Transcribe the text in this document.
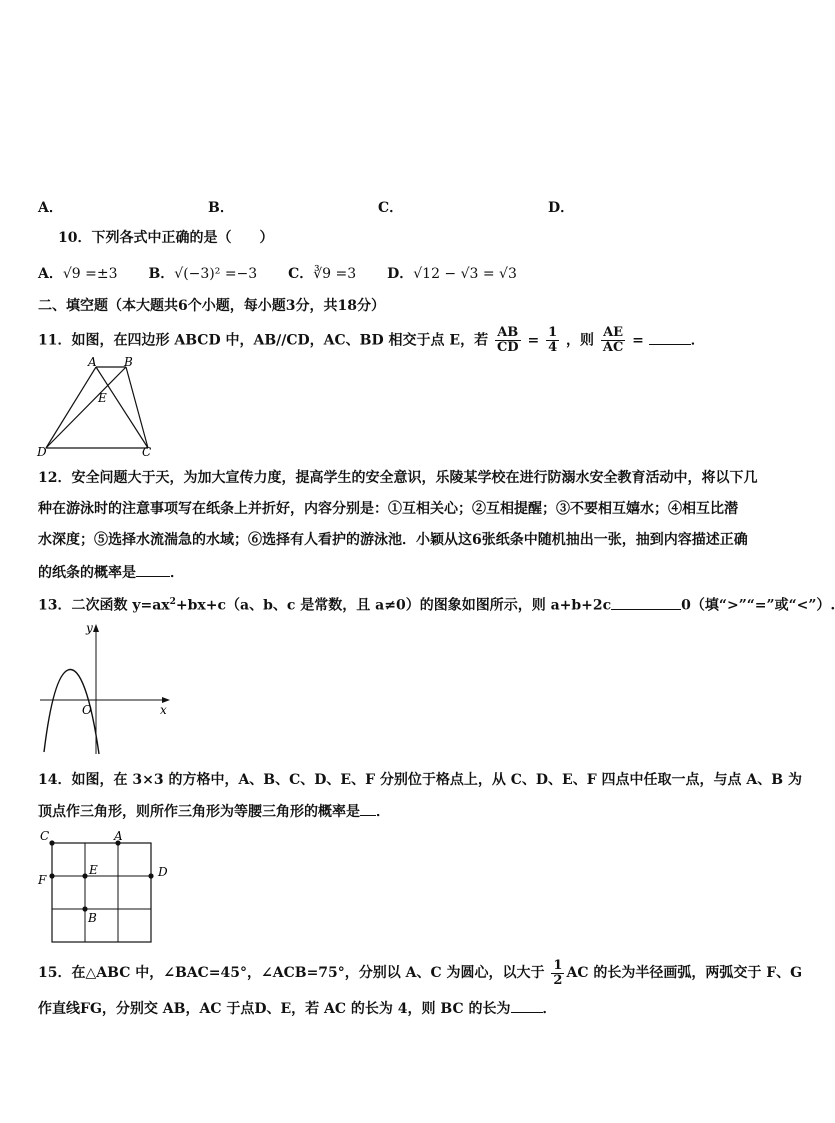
A．	B．	C．	D．
10．下列各式中正确的是（　　）
A．√9 =±3 B．√(−3)² =−3 C．∛9 =3 D．√12 − √3 = √3
二、填空题（本大题共6个小题，每小题3分，共18分）
11．如图，在四边形 ABCD 中，AB∕∕CD，AC、BD 相交于点 E，若 $\frac{AB}{CD} = \frac{1}{4}$ ，则 $\frac{AE}{AC}$ =	．
A B
E
D	C
12．安全问题大于天，为加大宣传力度，提高学生的安全意识，乐陵某学校在进行防溺水安全教育活动中，将以下几
种在游泳时的注意事项写在纸条上并折好，内容分别是：①互相关心；②互相提醒；③不要相互嬉水；④相互比潜
水深度；⑤选择水流湍急的水域；⑥选择有人看护的游泳池．小颖从这6张纸条中随机抽出一张，抽到内容描述正确
的纸条的概率是 ．
13．二次函数 $y=ax^2+bx+c(a$、b、c 是常数，且 a≠0）的图象如图所示，则 a+b+2c	0（填“>”“=”或“<”）.
y
x
O
14．如图，在 3×3 的方格中，A、B、C、D、E、F 分别位于格点上，从 C、D、E、F 四点中任取一点，与点 A、B 为
顶点作三角形，则所作三角形为等腰三角形的概率是 ．
C	A
E	D
F
B
15．在△ABC 中，∠BAC=45°，∠ACB=75°，分别以 A、C 为圆心，以大于 $\frac{1}{2}$ AC 的长为半径画弧，两弧交于 F、G
作直线FG，分别交 AB，AC 于点D、E，若 AC 的长为 4，则 BC 的长为 ．
